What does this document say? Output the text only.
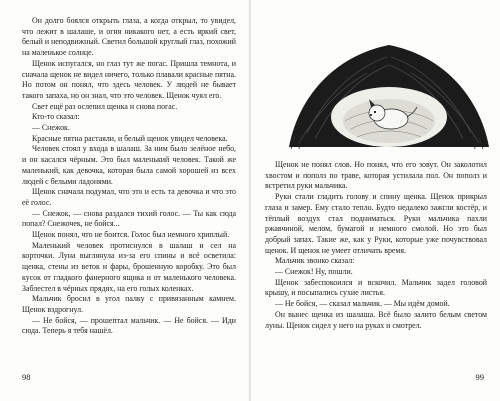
Он долго боялся открыть глаза, а когда открыл, то увидел, что лежит в шалаше, и огня никакого нет, а есть яркий свет, белый и неподвижный. Светил большой круглый глаз, похожий на маленькое солнце.

Щенок испугался, но глаз тут же погас. Пришла темнота, и сначала щенок не видел ничего, только плавали красные пятна. Но потом он понял, что здесь человек. У людей не бывает такого запаха, но он знал, что это человек. Щенок чуял его.

Свет ещё раз ослепил щенка и снова погас.

Кто-то сказал:

— Снежок.

Красные пятна растаяли, и белый щенок увидел человека.

Человек стоял у входа в шалаш. За ним было зелёное небо, и он касался чёрным. Это был маленький человек. Такой же маленький, как девочка, которая была самой хорошей из всех людей с белыми ладонями.

Щенок сначала подумал, что это и есть та девочка и что это её голос.

— Снежок, — снова раздался тихий голос. — Ты как сюда попал? Снежочек, не бойся...

Щенок понял, что не боится. Голос был немного хриплый.

Маленький человек протиснулся в шалаш и сел на корточки. Луна выглянула из-за его спины и всё осветила: щенка, стены из веток и фары, брошенную коробку. Это был кусок от гладкого фанерного ящика и от маленького человека. Заблестел в чёрных прядях, на его голых коленках.

Мальчик бросил в угол палку с привязанным камнем. Щенок вздрогнул.

— Не бойся, — прошептал мальчик. — Не бойся. — Иди сюда. Теперь я тебя нашёл.

98

Щенок не понял слов. Но понял, что его зовут. Он заколотил хвостом и пополз по траве, которая устилала пол. Он пополз и встретил руки мальчика.

Руки стали гладить голову и спину щенка. Щенок прикрыл глаза и замер. Ему стало тепло. Будто недалеко зажгли костёр, и тёплый воздух стал подниматься. Руки мальчика пахли ржавчиной, мелом, бумагой и немного смолой. Но это был добрый запах. Такие же, как у Руки, которые уже почувствовал щенок. И щенок не умеет отличать время.

Мальчик звонко сказал:

— Снежок! Ну, пошли.

Щенок забеспокоился и вскочил. Мальчик задел головой крышу, и посыпались сухие листья.

— Не бойся, — сказал мальчик. — Мы идём домой.

Он вынес щенка из шалаша. Всё было залито белым светом луны. Щенок сидел у него на руках и смотрел.

99
